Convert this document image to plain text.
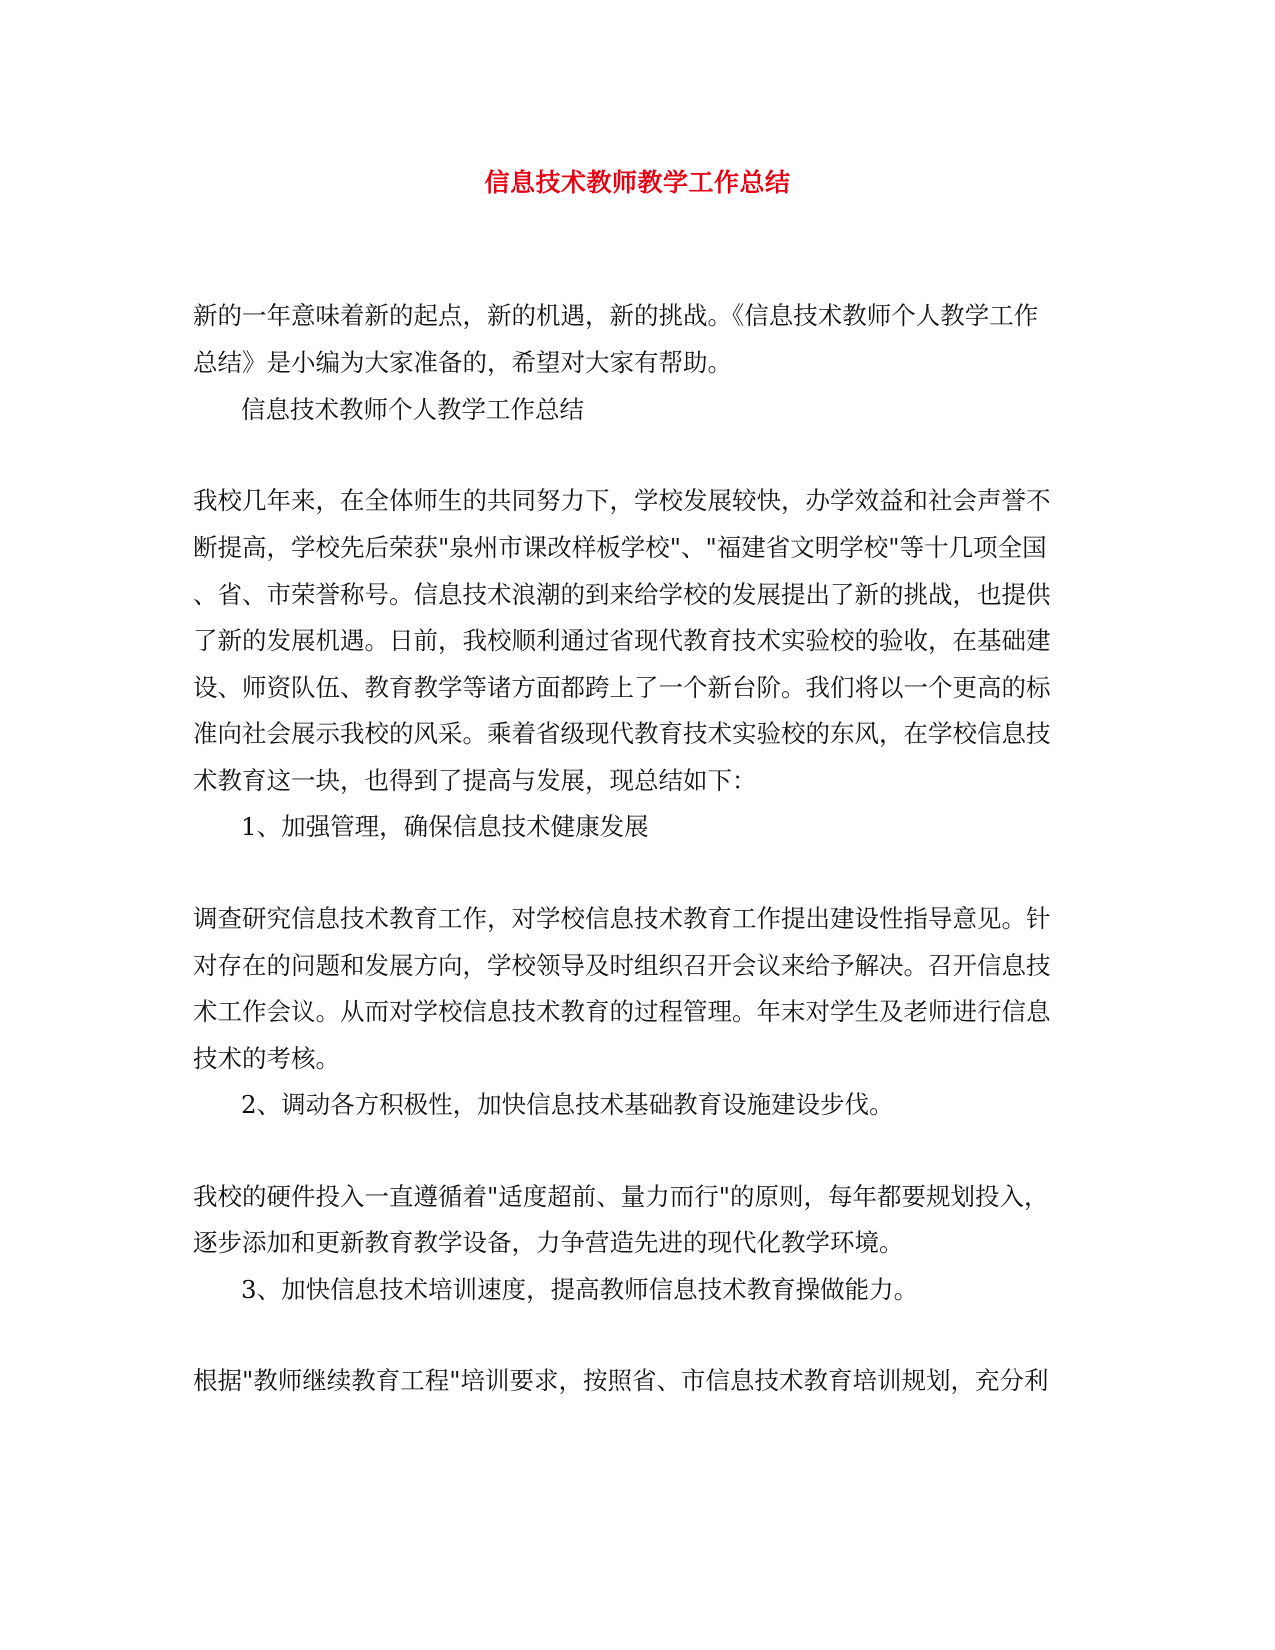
信息技术教师教学工作总结
新的一年意味着新的起点，新的机遇，新的挑战。《信息技术教师个人教学工作
总结》是小编为大家准备的，希望对大家有帮助。
信息技术教师个人教学工作总结
我校几年来，在全体师生的共同努力下，学校发展较快，办学效益和社会声誉不
断提高，学校先后荣获"泉州市课改样板学校"、"福建省文明学校"等十几项全国
、省、市荣誉称号。信息技术浪潮的到来给学校的发展提出了新的挑战，也提供
了新的发展机遇。日前，我校顺利通过省现代教育技术实验校的验收，在基础建
设、师资队伍、教育教学等诸方面都跨上了一个新台阶。我们将以一个更高的标
准向社会展示我校的风采。乘着省级现代教育技术实验校的东风，在学校信息技
术教育这一块，也得到了提高与发展，现总结如下：
1、加强管理，确保信息技术健康发展
调查研究信息技术教育工作，对学校信息技术教育工作提出建设性指导意见。针
对存在的问题和发展方向，学校领导及时组织召开会议来给予解决。召开信息技
术工作会议。从而对学校信息技术教育的过程管理。年末对学生及老师进行信息
技术的考核。
2、调动各方积极性，加快信息技术基础教育设施建设步伐。
我校的硬件投入一直遵循着"适度超前、量力而行"的原则，每年都要规划投入，
逐步添加和更新教育教学设备，力争营造先进的现代化教学环境。
3、加快信息技术培训速度，提高教师信息技术教育操做能力。
根据"教师继续教育工程"培训要求，按照省、市信息技术教育培训规划，充分利
